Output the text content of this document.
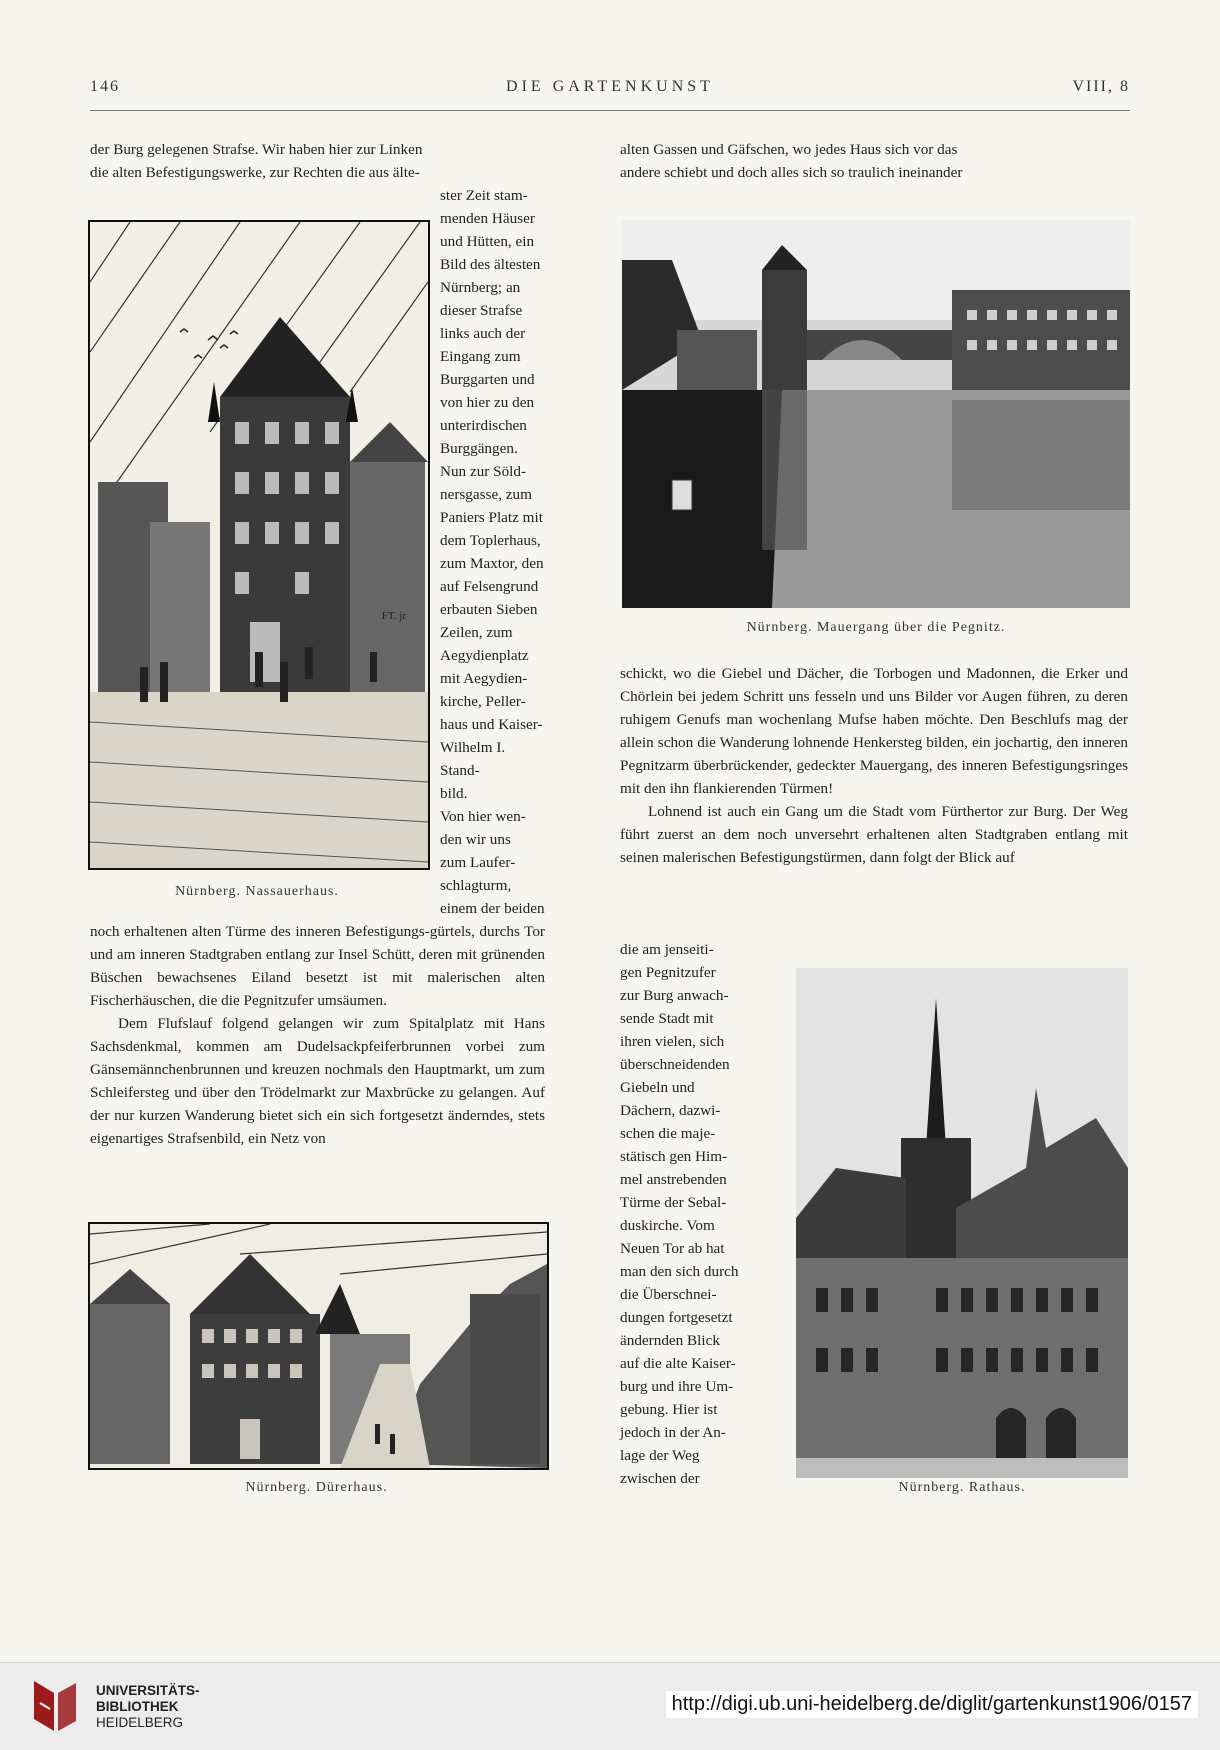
146	DIE GARTENKUNST	VIII, 8

der Burg gelegenen Strafse. Wir haben hier zur Linken

die alten Befestigungswerke, zur Rechten die aus älte-

FT. jr
Nürnberg. Nassauerhaus.
ster Zeit stam-
menden Häuser
und Hütten, ein
Bild des ältesten
Nürnberg; an
dieser Strafse
links auch der
Eingang zum
Burggarten und
von hier zu den
unterirdischen
Burggängen.
Nun zur Söld-
nersgasse, zum
Paniers Platz mit
dem Toplerhaus,
zum Maxtor, den
auf Felsengrund
erbauten Sieben
Zeilen, zum
Aegydienplatz
mit Aegydien-
kirche, Peller-
haus und Kaiser-
Wilhelm I. Stand-
bild.
Von hier wen-
den wir uns
zum Laufer-
schlagturm,
einem der beiden

noch erhaltenen alten Türme des inneren Befestigungs-gürtels, durchs Tor und am inneren Stadtgraben entlang zur Insel Schütt, deren mit grünenden Büschen bewachsenes Eiland besetzt ist mit malerischen alten Fischerhäuschen, die die Pegnitzufer umsäumen.

Dem Flufslauf folgend gelangen wir zum Spitalplatz mit Hans Sachsdenkmal, kommen am Dudelsackpfeiferbrunnen vorbei zum Gänsemännchenbrunnen und kreuzen nochmals den Hauptmarkt, um zum Schleifersteg und über den Trödelmarkt zur Maxbrücke zu gelangen. Auf der nur kurzen Wanderung bietet sich ein sich fortgesetzt änderndes, stets eigenartiges Strafsenbild, ein Netz von

Nürnberg. Dürerhaus.

alten Gassen und Gäfschen, wo jedes Haus sich vor das

andere schiebt und doch alles sich so traulich ineinander

Nürnberg. Mauergang über die Pegnitz.

schickt, wo die Giebel und Dächer, die Torbogen und Madonnen, die Erker und Chörlein bei jedem Schritt uns fesseln und uns Bilder vor Augen führen, zu deren ruhigem Genufs man wochenlang Mufse haben möchte. Den Beschlufs mag der allein schon die Wanderung lohnende Henkersteg bilden, ein jochartig, den inneren Pegnitzarm überbrückender, gedeckter Mauergang, des inneren Befestigungsringes mit den ihn flankierenden Türmen!

Lohnend ist auch ein Gang um die Stadt vom Fürthertor zur Burg. Der Weg führt zuerst an dem noch unversehrt erhaltenen alten Stadtgraben entlang mit seinen malerischen Befestigungstürmen, dann folgt der Blick auf

die am jenseiti-
gen Pegnitzufer
zur Burg anwach-
sende Stadt mit
ihren vielen, sich
überschneidenden
Giebeln und
Dächern, dazwi-
schen die maje-
stätisch gen Him-
mel anstrebenden
Türme der Sebal-
duskirche. Vom
Neuen Tor ab hat
man den sich durch
die Überschnei-
dungen fortgesetzt
ändernden Blick
auf die alte Kaiser-
burg und ihre Um-
gebung. Hier ist
jedoch in der An-
lage der Weg
zwischen der
Nürnberg. Rathaus.
UNIVERSITÄTS-
BIBLIOTHEK
HEIDELBERG
http://digi.ub.uni-heidelberg.de/diglit/gartenkunst1906/0157
